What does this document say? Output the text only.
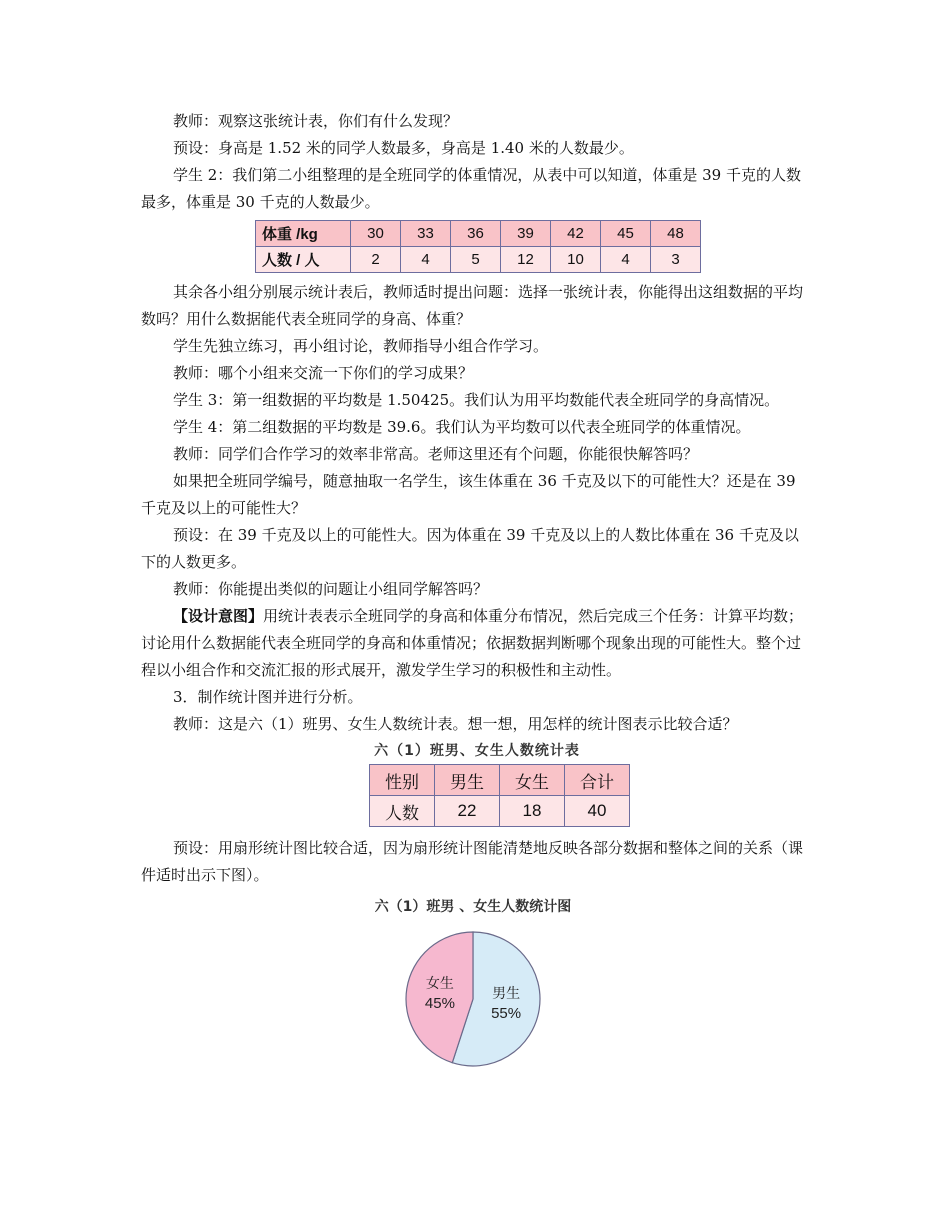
教师：观察这张统计表，你们有什么发现？

预设：身高是 1.52 米的同学人数最多，身高是 1.40 米的人数最少。

学生 2：我们第二小组整理的是全班同学的体重情况，从表中可以知道，体重是 39 千克的人数最多，体重是 30 千克的人数最少。

体重 /kg	30	33	36	39	42	45	48
人数 / 人	2	4	5	12	10	4	3

其余各小组分别展示统计表后，教师适时提出问题：选择一张统计表，你能得出这组数据的平均数吗？用什么数据能代表全班同学的身高、体重？

学生先独立练习，再小组讨论，教师指导小组合作学习。

教师：哪个小组来交流一下你们的学习成果？

学生 3：第一组数据的平均数是 1.50425。我们认为用平均数能代表全班同学的身高情况。

学生 4：第二组数据的平均数是 39.6。我们认为平均数可以代表全班同学的体重情况。

教师：同学们合作学习的效率非常高。老师这里还有个问题，你能很快解答吗？

如果把全班同学编号，随意抽取一名学生，该生体重在 36 千克及以下的可能性大？还是在 39 千克及以上的可能性大？

预设：在 39 千克及以上的可能性大。因为体重在 39 千克及以上的人数比体重在 36 千克及以下的人数更多。

教师：你能提出类似的问题让小组同学解答吗？

【设计意图】用统计表表示全班同学的身高和体重分布情况，然后完成三个任务：计算平均数；讨论用什么数据能代表全班同学的身高和体重情况；依据数据判断哪个现象出现的可能性大。整个过程以小组合作和交流汇报的形式展开，激发学生学习的积极性和主动性。

3．制作统计图并进行分析。

教师：这是六（1）班男、女生人数统计表。想一想，用怎样的统计图表示比较合适？

六（1）班男、女生人数统计表
性别	男生	女生	合计
人数	22	18	40

预设：用扇形统计图比较合适，因为扇形统计图能清楚地反映各部分数据和整体之间的关系（课件适时出示下图）。

六（1）班男 、女生人数统计图
男生
55%
女生
45%
